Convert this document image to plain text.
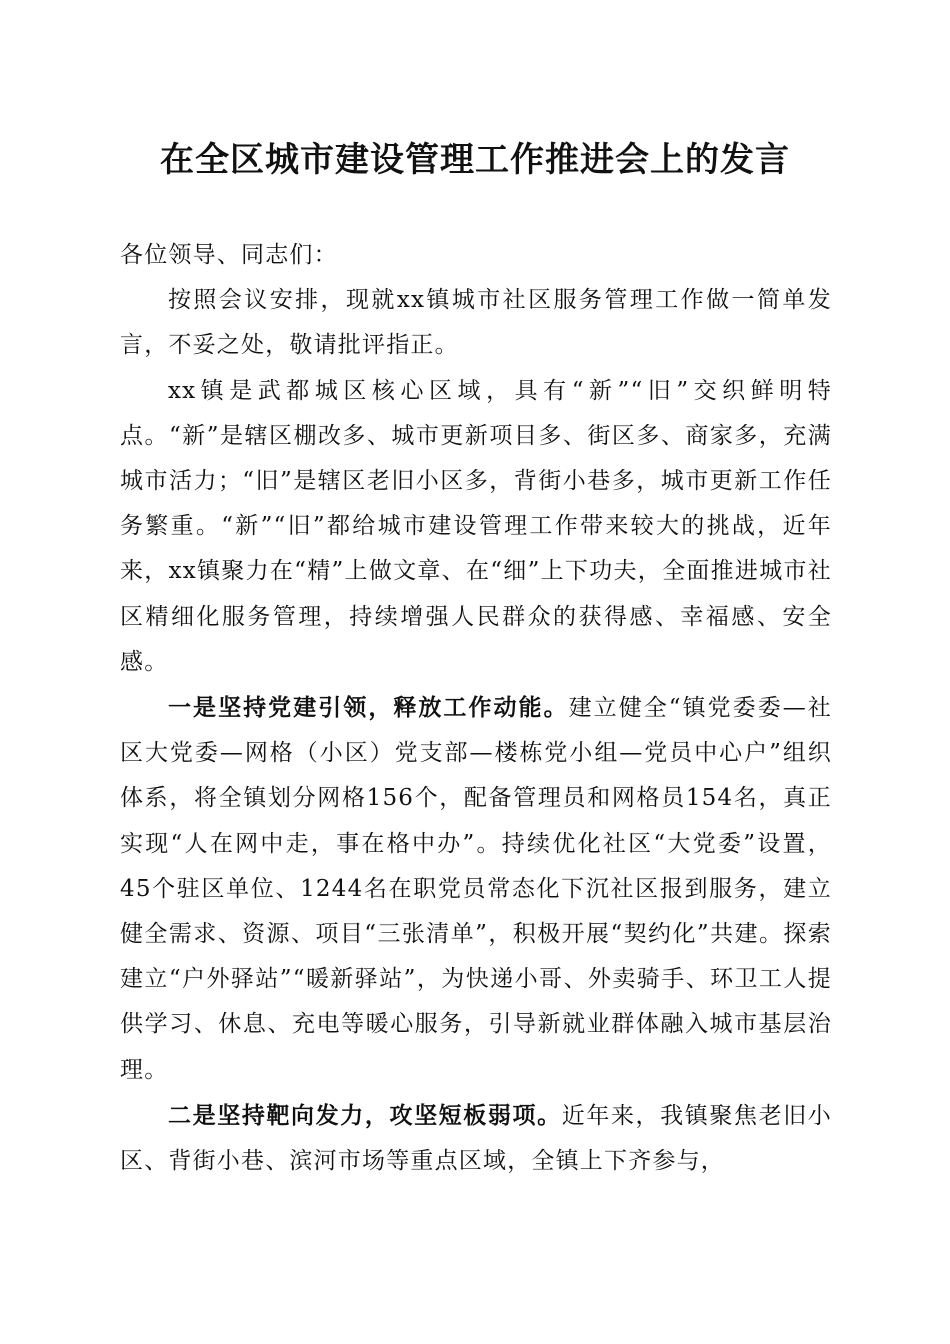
在全区城市建设管理工作推进会上的发言

各位领导、同志们：

按照会议安排，现就xx镇城市社区服务管理工作做一简单发言，不妥之处，敬请批评指正。

xx镇是武都城区核心区域，具有“新”“旧”交织鲜明特点。“新”是辖区棚改多、城市更新项目多、街区多、商家多，充满城市活力；“旧”是辖区老旧小区多，背街小巷多，城市更新工作任务繁重。“新”“旧”都给城市建设管理工作带来较大的挑战，近年来，xx镇聚力在“精”上做文章、在“细”上下功夫，全面推进城市社区精细化服务管理，持续增强人民群众的获得感、幸福感、安全感。

一是坚持党建引领，释放工作动能。建立健全“镇党委委—社区大党委—网格（小区）党支部—楼栋党小组—党员中心户”组织体系，将全镇划分网格156个，配备管理员和网格员154名，真正实现“人在网中走，事在格中办”。持续优化社区“大党委”设置，45个驻区单位、1244名在职党员常态化下沉社区报到服务，建立健全需求、资源、项目“三张清单”，积极开展“契约化”共建。探索建立“户外驿站”“暖新驿站”，为快递小哥、外卖骑手、环卫工人提供学习、休息、充电等暖心服务，引导新就业群体融入城市基层治理。

二是坚持靶向发力，攻坚短板弱项。近年来，我镇聚焦老旧小区、背街小巷、滨河市场等重点区域，全镇上下齐参与，
